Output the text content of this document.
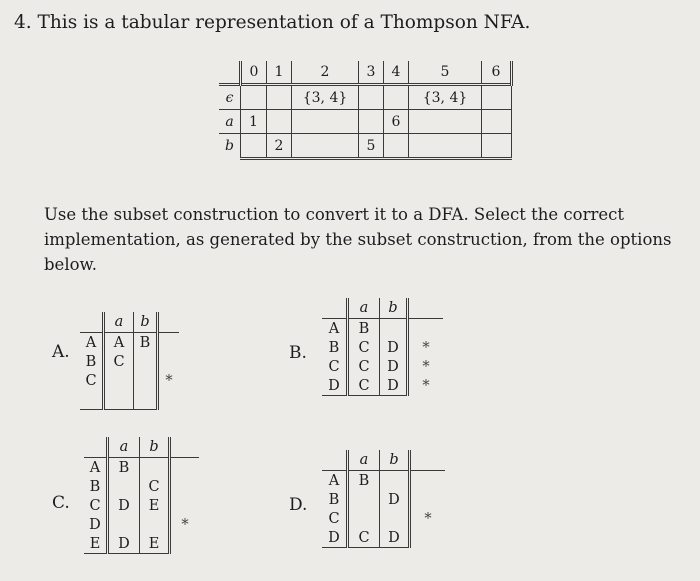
4. This is a tabular representation of a Thompson NFA.
	0	1	2	3	4	5	6
ϵ			{3, 4}			{3, 4}	
a	1				6		
b		2		5			
Use the subset construction to convert it to a DFA. Select the correct implementation, as generated by the subset construction, from the options below.
A.
	a	b	
A	A	B	
B	C		
C			*

B.
	a	b	
A	B		
B	C	D	*
C	C	D	*
D	C	D	*
C.
	a	b	
A	B		
B		C	
C	D	E	
D			*
E	D	E	
D.
	a	b	
A	B		
B		D	
C			*
D	C	D	
